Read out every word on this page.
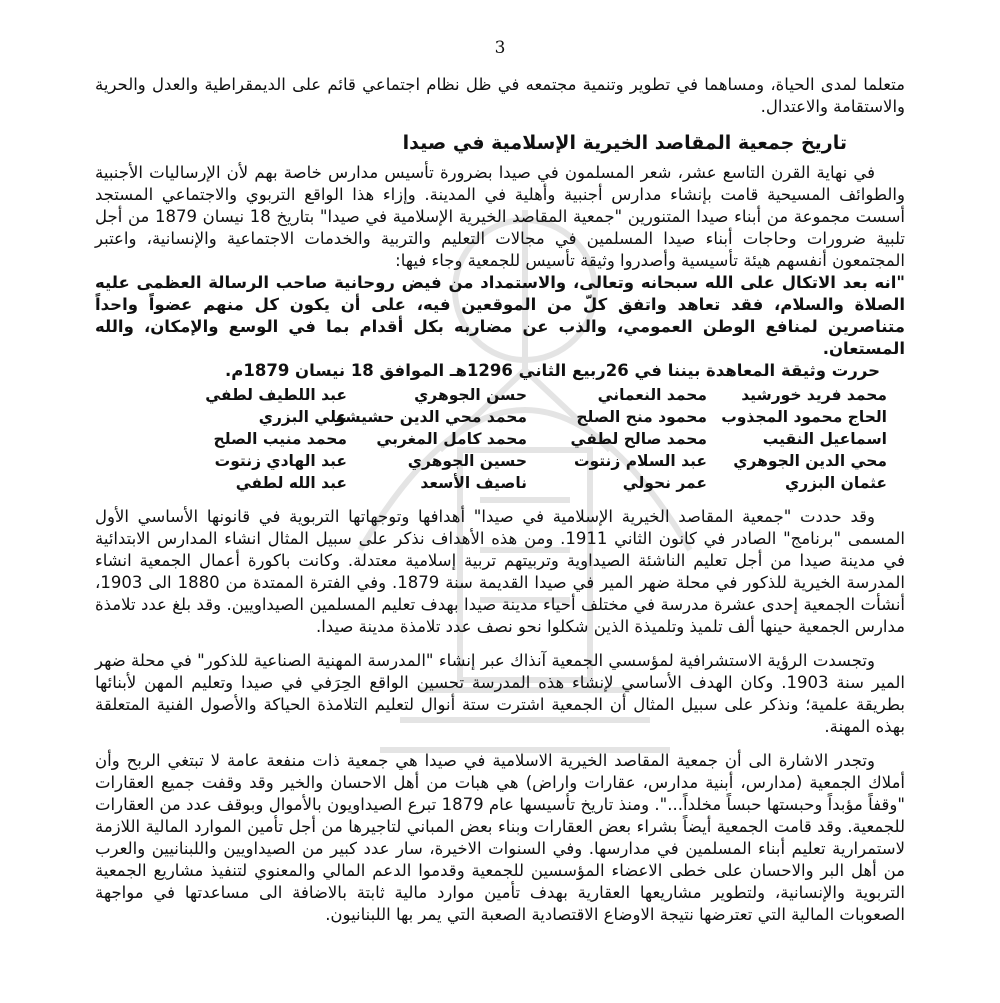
3

متعلما لمدى الحياة، ومساهما في تطوير وتنمية مجتمعه في ظل نظام اجتماعي قائم على الديمقراطية والعدل والحرية والاستقامة والاعتدال.

تاريخ جمعية المقاصد الخيرية الإسلامية في صيدا

في نهاية القرن التاسع عشر، شعر المسلمون في صيدا بضرورة تأسيس مدارس خاصة بهم لأن الإرساليات الأجنبية والطوائف المسيحية قامت بإنشاء مدارس أجنبية وأهلية في المدينة. وإزاء هذا الواقع التربوي والاجتماعي المستجد أسست مجموعة من أبناء صيدا المتنورين "جمعية المقاصد الخيرية الإسلامية في صيدا" بتاريخ 18 نيسان 1879 من أجل تلبية ضرورات وحاجات أبناء صيدا المسلمين في مجالات التعليم والتربية والخدمات الاجتماعية والإنسانية، واعتبر المجتمعون أنفسهم هيئة تأسيسية وأصدروا وثيقة تأسيس للجمعية وجاء فيها:

"انه بعد الاتكال على الله سبحانه وتعالى، والاستمداد من فيض روحانية صاحب الرسالة العظمى عليه الصلاة والسلام، فقد تعاهد واتفق كلّ من الموقعين فيه، على أن يكون كل منهم عضواً واحداً متناصرين لمنافع الوطن العمومي، والذب عن مضاربه بكل أقدام بما في الوسع والإمكان، والله المستعان.

حررت وثيقة المعاهدة بيننا في 26ربيع الثاني 1296هـ الموافق 18 نيسان 1879م.

محمد فريد خورشيد
محمد النعماني
حسن الجوهري
عبد اللطيف لطفي
الحاج محمود المجذوب
محمود منح الصلح
محمد محي الدين حشيشو
علي البزري
اسماعيل النقيب
محمد صالح لطفي
محمد كامل المغربي
محمد منيب الصلح
محي الدين الجوهري
عبد السلام زنتوت
حسين الجوهري
عبد الهادي زنتوت
عثمان البزري
عمر نحولي
ناصيف الأسعد
عبد الله لطفي

وقد حددت "جمعية المقاصد الخيرية الإسلامية في صيدا" أهدافها وتوجهاتها التربوية في قانونها الأساسي الأول المسمى "برنامج" الصادر في كانون الثاني 1911. ومن هذه الأهداف نذكر على سبيل المثال انشاء المدارس الابتدائية في مدينة صيدا من أجل تعليم الناشئة الصيداوية وتربيتهم تربية إسلامية معتدلة. وكانت باكورة أعمال الجمعية انشاء المدرسة الخيرية للذكور في محلة ضهر المير في صيدا القديمة سنة 1879. وفي الفترة الممتدة من 1880 الى 1903، أنشأت الجمعية إحدى عشرة مدرسة في مختلف أحياء مدينة صيدا بهدف تعليم المسلمين الصيداويين. وقد بلغ عدد تلامذة مدارس الجمعية حينها ألف تلميذ وتلميذة الذين شكلوا نحو نصف عدد تلامذة مدينة صيدا.

وتجسدت الرؤية الاستشرافية لمؤسسي الجمعية آنذاك عبر إنشاء "المدرسة المهنية الصناعية للذكور" في محلة ضهر المير سنة 1903. وكان الهدف الأساسي لإنشاء هذه المدرسة تحسين الواقع الحِرَفي في صيدا وتعليم المهن لأبنائها بطريقة علمية؛ ونذكر على سبيل المثال أن الجمعية اشترت ستة أنوال لتعليم التلامذة الحياكة والأصول الفنية المتعلقة بهذه المهنة.

وتجدر الاشارة الى أن جمعية المقاصد الخيرية الاسلامية في صيدا هي جمعية ذات منفعة عامة لا تبتغي الربح وأن أملاك الجمعية (مدارس، أبنية مدارس، عقارات واراض) هي هبات من أهل الاحسان والخير وقد وقفت جميع العقارات "وقفاً مؤبداً وحبستها حبساً مخلداً...". ومنذ تاريخ تأسيسها عام 1879 تبرع الصيداويون بالأموال وبوقف عدد من العقارات للجمعية. وقد قامت الجمعية أيضاً بشراء بعض العقارات وبناء بعض المباني لتاجيرها من أجل تأمين الموارد المالية اللازمة لاستمرارية تعليم أبناء المسلمين في مدارسها. وفي السنوات الاخيرة، سار عدد كبير من الصيداويين واللبنانيين والعرب من أهل البر والاحسان على خطى الاعضاء المؤسسين للجمعية وقدموا الدعم المالي والمعنوي لتنفيذ مشاريع الجمعية التربوية والإنسانية، ولتطوير مشاريعها العقارية بهدف تأمين موارد مالية ثابتة بالاضافة الى مساعدتها في مواجهة الصعوبات المالية التي تعترضها نتيجة الاوضاع الاقتصادية الصعبة التي يمر بها اللبنانيون.
